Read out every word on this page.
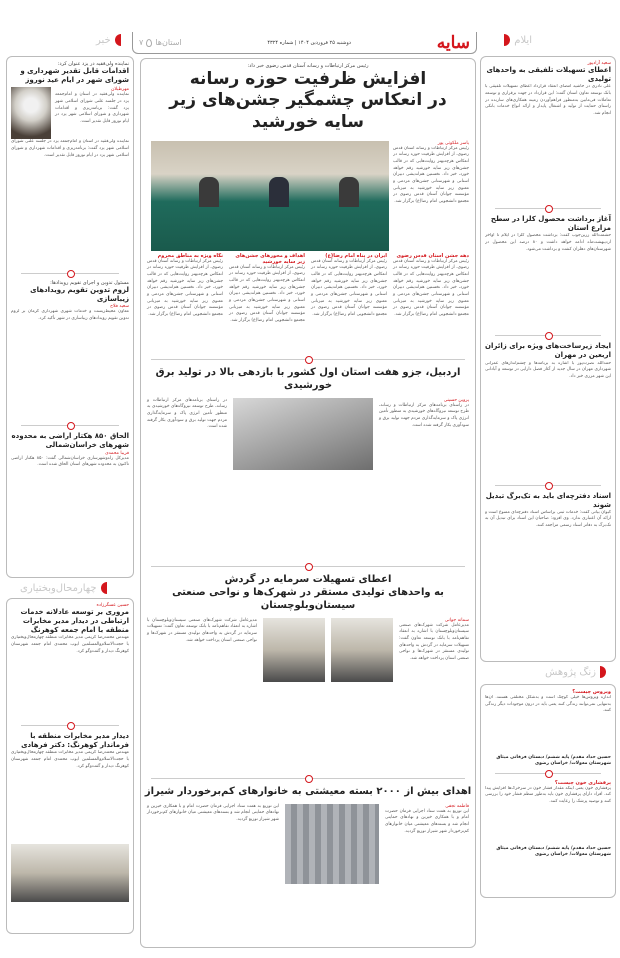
ایلام
سایه
دوشنبه ۲۵ فروردین ۱۴۰۴ | شماره ۴۳۲۴
استان‌ها
۷
خبر
سعید آزادپور
اعطای تسهیلات تلفیقی به واحدهای تولیدی
علی نادری در حاشیه امضای انعقاد قرارداد اعطای تسهیلات تلفیقی با بانک توسعه تعاون استان گفت: این قرارداد در جهت برقراری و توسعه تعاملات فی‌مابین به‌منظور فراهم‌آوردن زمینه همکاری‌های سازنده در راستای حمایت از تولید و اشتغال پایدار و ارائه انواع خدمات بانکی انجام شد.
آغاز برداشت محصول کلزا در سطح مزارع استان
حشمت‌الله زرین‌جوب گفت: برداشت محصول کلزا در ایلام تا اواخر اردیبهشت‌ماه ادامه خواهد داشت و ۸۰ درصد این محصول در شهرستان‌های دهلران کشت و برداشت می‌شود.
ایجاد زیرساخت‌های ویژه برای زائران اربعین در مهران
حمدالله نصرت‌پور با اشاره به برنامه‌ها و چشم‌اندازهای عمرانی شهرداری مهران در سال جدید از آغاز فصل دارایی در توسعه و آبادانی این شهر مرزی خبر داد.
اسناد دفترچه‌ای باید به تک‌برگ تبدیل شوند
کیوان بیاتی گفت: خدمات ثبتی براساس اسناد دفترچه‌ای ممنوع است و ارائه آن اعتباری ندارد. وی افزود: صاحبان این اسناد برای تبدیل آن به تک‌برگ به دفاتر اسناد رسمی مراجعه کنند.
زنگ پژوهش
ویروس چیست؟
اندازه ویروس‌ها خیلی کوچک است و به‌شکل مختلفی هستند. آن‌ها به‌تنهایی نمی‌توانند زندگی کنند یعنی باید در درون موجودات دیگر زندگی کنند.
حسین حداد مقدم/ پایه ششم/ دبستان فرقانی میثاق
شهرستان مه‌ولات/ خراسان رضوی
پرفشاری خون چیست؟
پرفشاری خون یعنی اینکه مقدار فشار خون در سرخرگ‌ها افزایش پیدا کند. افراد دارای پرفشاری خون باید به‌طور منظم فشار خود را بررسی کنند و توصیه پزشک را رعایت کنند.
حسین حداد مقدم/ پایه ششم/ دبستان فرقانی میثاق
شهرستان مه‌ولات/ خراسان رضوی
رئیس مرکز ارتباطات و رسانه آستان قدس رضوی خبر داد:
افزایش ظرفیت حوزه رسانه
در انعکاس چشمگیر جشن‌های زیر سایه خورشید
یاسر ملکوتی پور
رئیس مرکز ارتباطات و رسانه آستان قدس رضوی، از افزایش ظرفیت حوزه رسانه در انعکاس هرچه‌بهتر روایت‌هایی که در قالب جشن‌های زیر سایه خورشید رقم خواهد خورد، خبر داد. نخستین هم‌اندیشی دبیران استانی و شهرستانی جشن‌های مردمی و معنوی زیر سایه خورشید به میزبانی مؤسسه جوانان آستان قدس رضوی در مجتمع دانشجویی امام رضا(ع) برگزار شد.
دهه جشن آستان قدس رضوی
رئیس مرکز ارتباطات و رسانه آستان قدس رضوی، از افزایش ظرفیت حوزه رسانه در انعکاس هرچه‌بهتر روایت‌هایی که در قالب جشن‌های زیر سایه خورشید رقم خواهد خورد، خبر داد. نخستین هم‌اندیشی دبیران استانی و شهرستانی جشن‌های مردمی و معنوی زیر سایه خورشید به میزبانی مؤسسه جوانان آستان قدس رضوی در مجتمع دانشجویی امام رضا(ع) برگزار شد.
ایران در پناه امام رضا(ع)
رئیس مرکز ارتباطات و رسانه آستان قدس رضوی، از افزایش ظرفیت حوزه رسانه در انعکاس هرچه‌بهتر روایت‌هایی که در قالب جشن‌های زیر سایه خورشید رقم خواهد خورد، خبر داد. نخستین هم‌اندیشی دبیران استانی و شهرستانی جشن‌های مردمی و معنوی زیر سایه خورشید به میزبانی مؤسسه جوانان آستان قدس رضوی در مجتمع دانشجویی امام رضا(ع) برگزار شد.
اهداف و محورهای جشن‌های زیر سایه خورشید
رئیس مرکز ارتباطات و رسانه آستان قدس رضوی، از افزایش ظرفیت حوزه رسانه در انعکاس هرچه‌بهتر روایت‌هایی که در قالب جشن‌های زیر سایه خورشید رقم خواهد خورد، خبر داد. نخستین هم‌اندیشی دبیران استانی و شهرستانی جشن‌های مردمی و معنوی زیر سایه خورشید به میزبانی مؤسسه جوانان آستان قدس رضوی در مجتمع دانشجویی امام رضا(ع) برگزار شد.
نگاه ویژه به مناطق محروم
رئیس مرکز ارتباطات و رسانه آستان قدس رضوی، از افزایش ظرفیت حوزه رسانه در انعکاس هرچه‌بهتر روایت‌هایی که در قالب جشن‌های زیر سایه خورشید رقم خواهد خورد، خبر داد. نخستین هم‌اندیشی دبیران استانی و شهرستانی جشن‌های مردمی و معنوی زیر سایه خورشید به میزبانی مؤسسه جوانان آستان قدس رضوی در مجتمع دانشجویی امام رضا(ع) برگزار شد.
اردبیل، جزو هفت استان اول کشور با بازدهی بالا در تولید برق خورشیدی
پروین حسینی
در راستای برنامه‌های مرکز ارتباطات و رسانه، طرح توسعه نیروگاه‌های خورشیدی به منظور تأمین انرژی پاک و سرمایه‌گذاری مردم جهت تولید برق و سودآوری بکار گرفته شده است.
در راستای برنامه‌های مرکز ارتباطات و رسانه، طرح توسعه نیروگاه‌های خورشیدی به منظور تأمین انرژی پاک و سرمایه‌گذاری مردم جهت تولید برق و سودآوری بکار گرفته شده است.
اعطای تسهیلات سرمایه در گردش
به واحدهای تولیدی مستقر در شهرک‌ها و نواحی صنعتی سیستان‌وبلوچستان
سمانه جوانی
مدیرعامل شرکت شهرک‌های صنعتی سیستان‌وبلوچستان با اشاره به انعقاد تفاهم‌نامه با بانک توسعه تعاون گفت: تسهیلات سرمایه در گردش به واحدهای تولیدی مستقر در شهرک‌ها و نواحی صنعتی استان پرداخت خواهد شد.
مدیرعامل شرکت شهرک‌های صنعتی سیستان‌وبلوچستان با اشاره به انعقاد تفاهم‌نامه با بانک توسعه تعاون گفت: تسهیلات سرمایه در گردش به واحدهای تولیدی مستقر در شهرک‌ها و نواحی صنعتی استان پرداخت خواهد شد.
اهدای بیش از ۲۰۰۰ بسته معیشتی به خانوارهای کم‌برخوردار شیراز
فاطمه نجفی
این توزیع به همت ستاد اجرایی فرمان حضرت امام و با همکاری خیرین و نهادهای حمایتی انجام شد و بسته‌های معیشتی میان خانوارهای کم‌برخوردار شهر شیراز توزیع گردید.
این توزیع به همت ستاد اجرایی فرمان حضرت امام و با همکاری خیرین و نهادهای حمایتی انجام شد و بسته‌های معیشتی میان خانوارهای کم‌برخوردار شهر شیراز توزیع گردید.
نماینده ولی‌فقیه در یزد عنوان کرد:
اقدامات قابل تقدیر شهرداری و شورای شهر در ایام عید نوروز
مهرطیلان
نماینده ولی‌فقیه در استان و امام‌جمعه یزد در جلسه علنی شورای اسلامی شهر یزد گفت: برنامه‌ریزی و اقدامات شهرداری و شورای اسلامی شهر یزد در ایام نوروز قابل تقدیر است.
نماینده ولی‌فقیه در استان و امام‌جمعه یزد در جلسه علنی شورای اسلامی شهر یزد گفت: برنامه‌ریزی و اقدامات شهرداری و شورای اسلامی شهر یزد در ایام نوروز قابل تقدیر است.
مسئول تدوین و اجرای تقویم رویدادها:
لزوم تدوین تقویم رویدادهای زیباسازی
سعید فلاح
معاون محیط‌زیست و خدمات شهری شهرداری کرمان بر لزوم تدوین تقویم رویدادهای زیباسازی در شهر تأکید کرد.
الحاق ۸۵۰ هکتار اراضی به محدوده شهرهای خراسان‌شمالی
فریبا محمدی
مدیرکل راه‌وشهرسازی خراسان‌شمالی گفت: ۸۵۰ هکتار اراضی تاکنون به محدوده شهرهای استان الحاق شده است.
چهارمحال‌وبختیاری
حسین عسگرزاده
مروری بر توسعه عادلانه خدمات ارتباطی در دیدار مدیر مخابرات منطقه با امام جمعه کوهرنگ
مهندس محمدرضا کریمی مدیر مخابرات منطقه چهارمحال‌وبختیاری با حجت‌الاسلام‌والمسلمین ایوب محمدی امام جمعه شهرستان کوهرنگ دیدار و گفت‌وگو کرد.
دیدار مدیر مخابرات منطقه با فرماندار کوهرنگ: دکتر فرهادی
مهندس محمدرضا کریمی مدیر مخابرات منطقه چهارمحال‌وبختیاری با حجت‌الاسلام‌والمسلمین ایوب محمدی امام جمعه شهرستان کوهرنگ دیدار و گفت‌وگو کرد.
